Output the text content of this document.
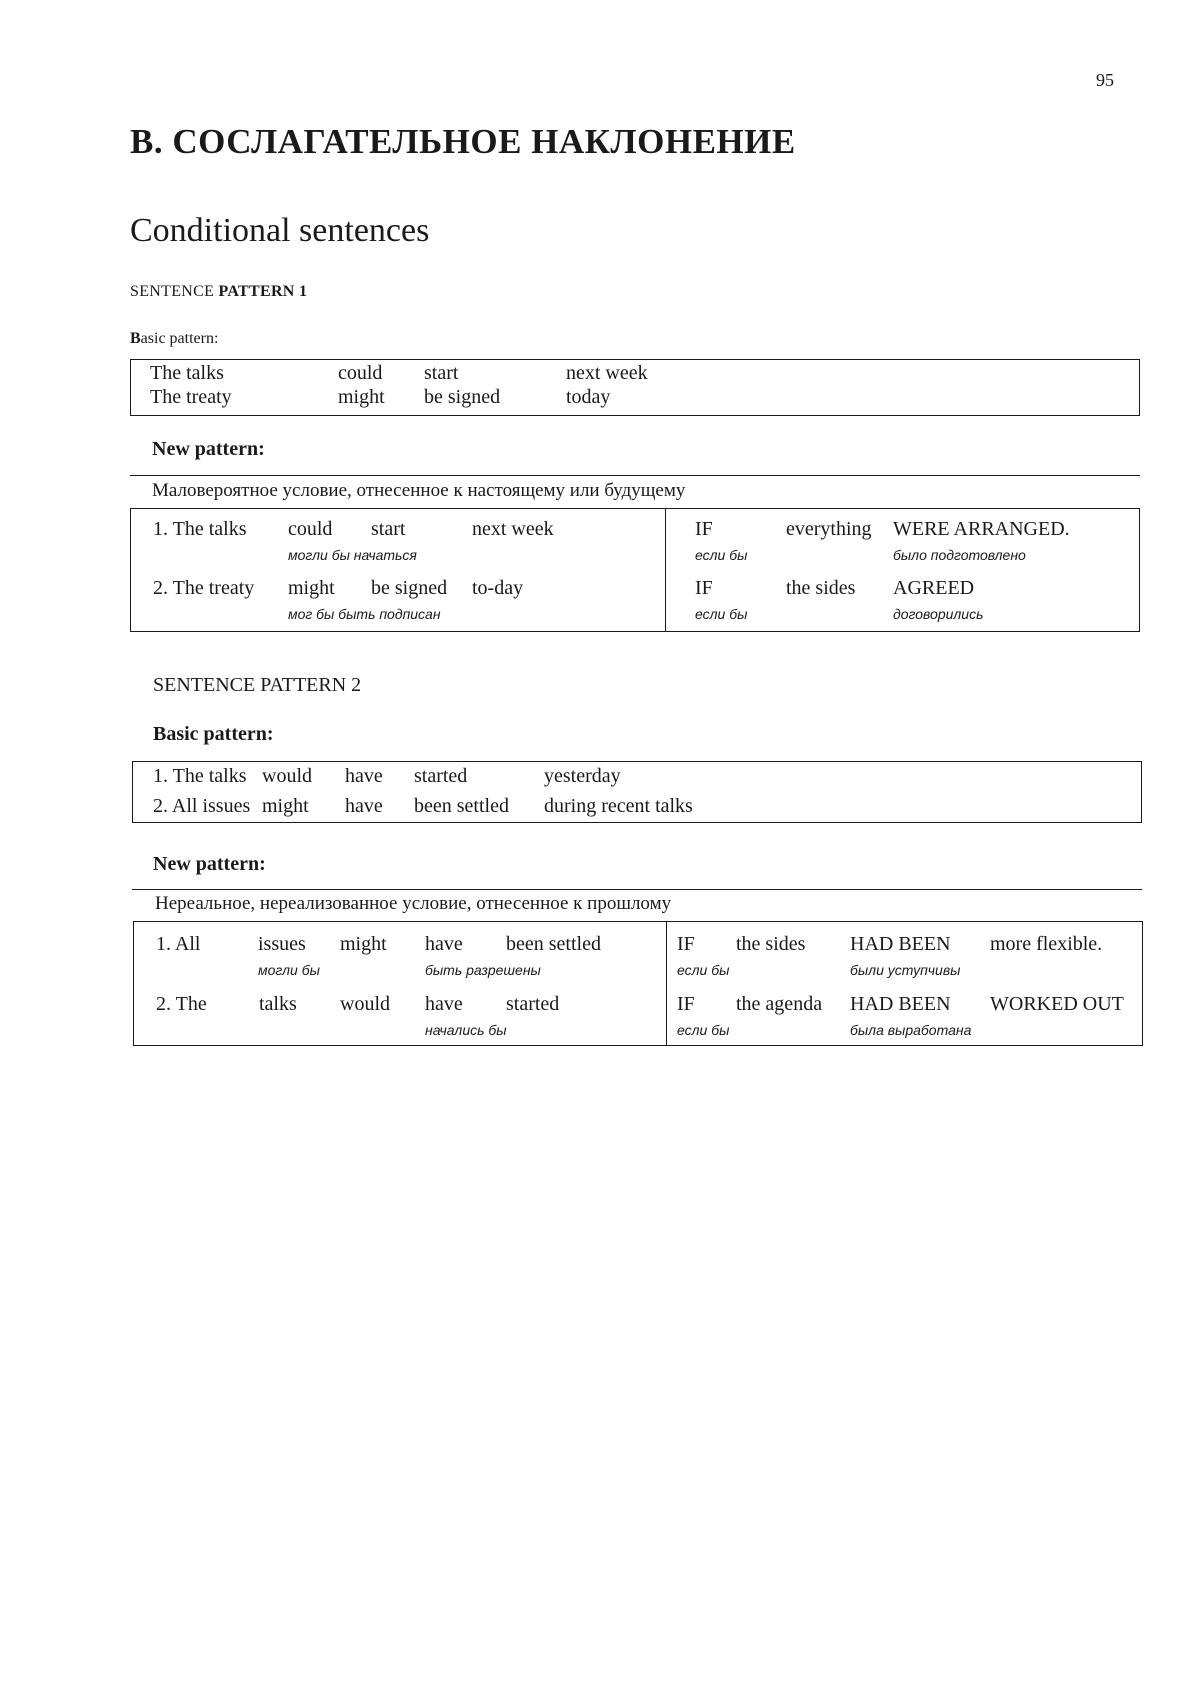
95
B. СОСЛАГАТЕЛЬНОЕ НАКЛОНЕНИЕ
Conditional sentences
SENTENCE PATTERN 1
Basic pattern:
The talks	could start	next week
The treaty	might be signed	today
New pattern:
Маловероятное условие, отнесенное к настоящему или будущему
1. The talks could start	next week
могли бы начаться
IF	everything WERE ARRANGED.
если бы	было подготовлено
2. The treaty might be signed to-day
мог бы быть подписан
IF	the sides AGREED
если бы	договорились
SENTENCE PATTERN 2
Basic pattern:
1. The talks would have started	yesterday
2. All issues might have been settled during recent talks
New pattern:
Нереальное, нереализованное условие, отнесенное к прошлому
1. All	issues might have been settled
могли бы	быть разрешены
IF the sides HAD BEEN more flexible.
если бы	были уступчивы
2. The	talks would have started
начались бы
IF the agenda HAD BEEN WORKED OUT
если бы	была выработана
